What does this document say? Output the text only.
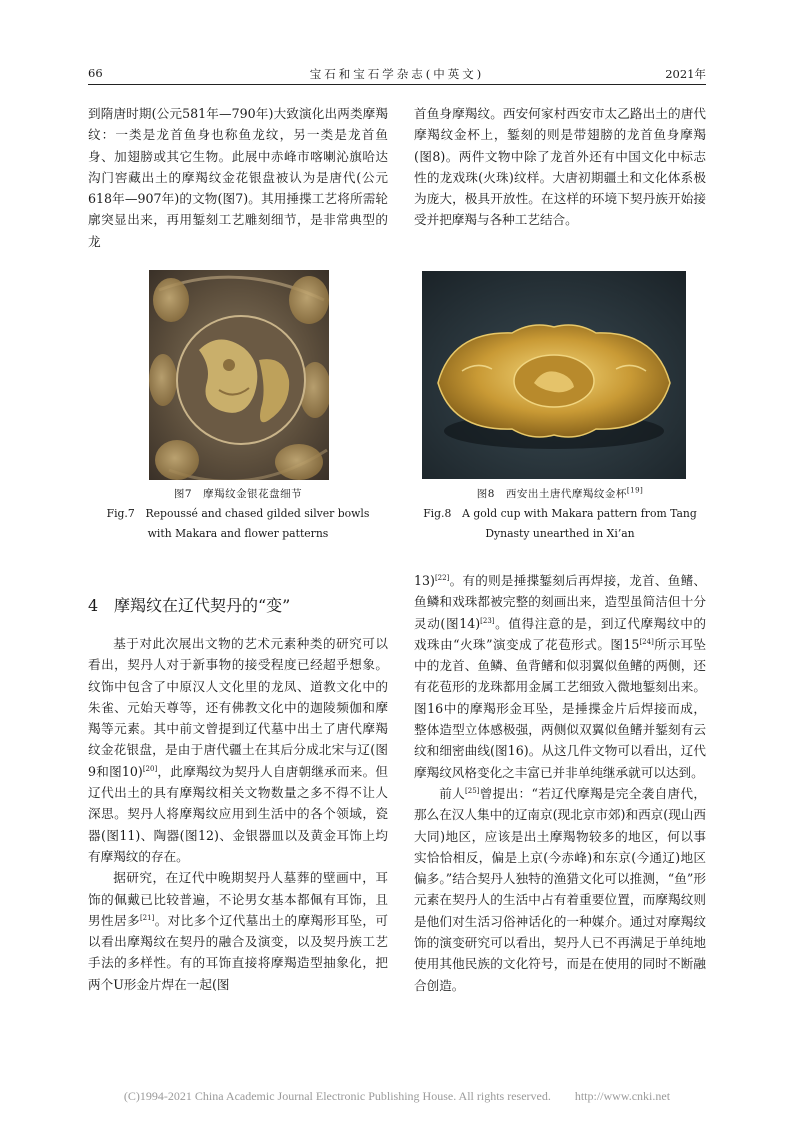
66	宝石和宝石学杂志(中英文)	2021年

到隋唐时期(公元581年—790年)大致演化出两类摩羯纹：一类是龙首鱼身也称鱼龙纹，另一类是龙首鱼身、加翅膀或其它生物。此展中赤峰市喀喇沁旗哈达沟门窖藏出土的摩羯纹金花银盘被认为是唐代(公元618年—907年)的文物(图7)。其用捶揲工艺将所需轮廓突显出来，再用錾刻工艺雕刻细节，是非常典型的龙

首鱼身摩羯纹。西安何家村西安市太乙路出土的唐代摩羯纹金杯上，錾刻的则是带翅膀的龙首鱼身摩羯(图8)。两件文物中除了龙首外还有中国文化中标志性的龙戏珠(火珠)纹样。大唐初期疆土和文化体系极为庞大，极具开放性。在这样的环境下契丹族开始接受并把摩羯与各种工艺结合。

图7　摩羯纹金银花盘细节
Fig.7　Repoussé and chased gilded silver bowls
with Makara and flower patterns
图8　西安出土唐代摩羯纹金杯[19]
Fig.8　A gold cup with Makara pattern from Tang
Dynasty unearthed in Xi’an
4 摩羯纹在辽代契丹的“变”

基于对此次展出文物的艺术元素种类的研究可以看出，契丹人对于新事物的接受程度已经超乎想象。纹饰中包含了中原汉人文化里的龙凤、道教文化中的朱雀、元始天尊等，还有佛教文化中的迦陵频伽和摩羯等元素。其中前文曾提到辽代墓中出土了唐代摩羯纹金花银盘，是由于唐代疆土在其后分成北宋与辽(图9和图10)[20]，此摩羯纹为契丹人自唐朝继承而来。但辽代出土的具有摩羯纹相关文物数量之多不得不让人深思。契丹人将摩羯纹应用到生活中的各个领域，瓷器(图11)、陶器(图12)、金银器皿以及黄金耳饰上均有摩羯纹的存在。

据研究，在辽代中晚期契丹人墓葬的壁画中，耳饰的佩戴已比较普遍，不论男女基本都佩有耳饰，且男性居多[21]。对比多个辽代墓出土的摩羯形耳坠，可以看出摩羯纹在契丹的融合及演变，以及契丹族工艺手法的多样性。有的耳饰直接将摩羯造型抽象化，把两个U形金片焊在一起(图

13)[22]。有的则是捶揲錾刻后再焊接，龙首、鱼鳍、鱼鳞和戏珠都被完整的刻画出来，造型虽简洁但十分灵动(图14)[23]。值得注意的是，到辽代摩羯纹中的戏珠由“火珠”演变成了花苞形式。图15[24]所示耳坠中的龙首、鱼鳞、鱼背鳍和似羽翼似鱼鳍的两侧，还有花苞形的龙珠都用金属工艺细致入微地錾刻出来。图16中的摩羯形金耳坠，是捶揲金片后焊接而成，整体造型立体感极强，两侧似双翼似鱼鳍并錾刻有云纹和细密曲线(图16)。从这几件文物可以看出，辽代摩羯纹风格变化之丰富已并非单纯继承就可以达到。

前人[25]曾提出：“若辽代摩羯是完全袭自唐代，那么在汉人集中的辽南京(现北京市郊)和西京(现山西大同)地区，应该是出土摩羯物较多的地区，何以事实恰恰相反，偏是上京(今赤峰)和东京(今通辽)地区偏多。”结合契丹人独特的渔猎文化可以推测，“鱼”形元素在契丹人的生活中占有着重要位置，而摩羯纹则是他们对生活习俗神话化的一种媒介。通过对摩羯纹饰的演变研究可以看出，契丹人已不再满足于单纯地使用其他民族的文化符号，而是在使用的同时不断融合创造。

(C)1994-2021 China Academic Journal Electronic Publishing House. All rights reserved.　　http://www.cnki.net
